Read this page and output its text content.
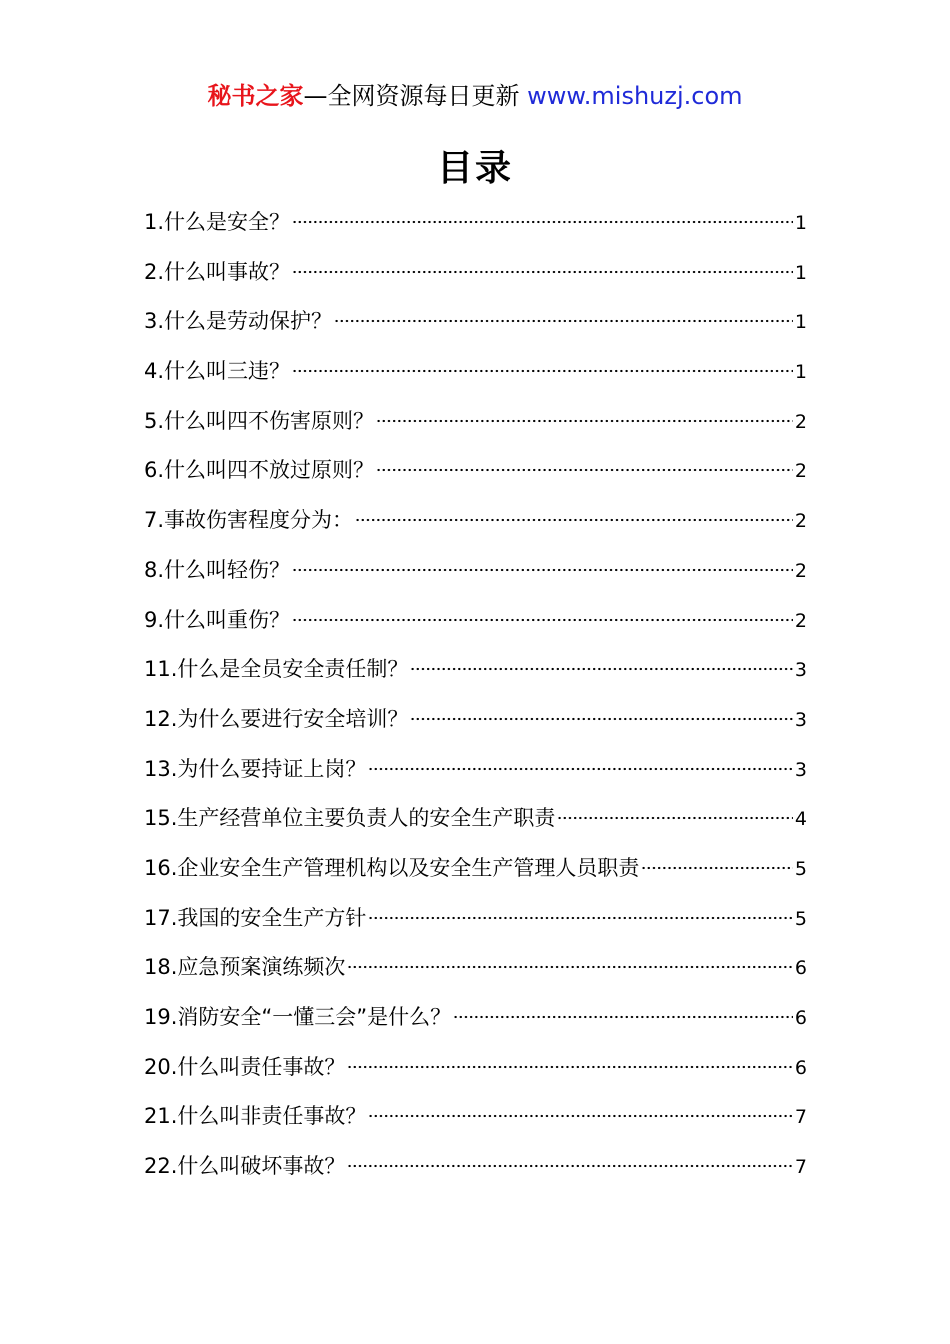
秘书之家—全网资源每日更新 www.mishuzj.com
目录
1.什么是安全？	1
2.什么叫事故？	1
3.什么是劳动保护？	1
4.什么叫三违？	1
5.什么叫四不伤害原则？	2
6.什么叫四不放过原则？	2
7.事故伤害程度分为：	2
8.什么叫轻伤？	2
9.什么叫重伤？	2
11.什么是全员安全责任制？	3
12.为什么要进行安全培训？	3
13.为什么要持证上岗？	3
15.生产经营单位主要负责人的安全生产职责	4
16.企业安全生产管理机构以及安全生产管理人员职责	5
17.我国的安全生产方针	5
18.应急预案演练频次	6
19.消防安全“一懂三会”是什么？	6
20.什么叫责任事故？	6
21.什么叫非责任事故？	7
22.什么叫破坏事故？	7
